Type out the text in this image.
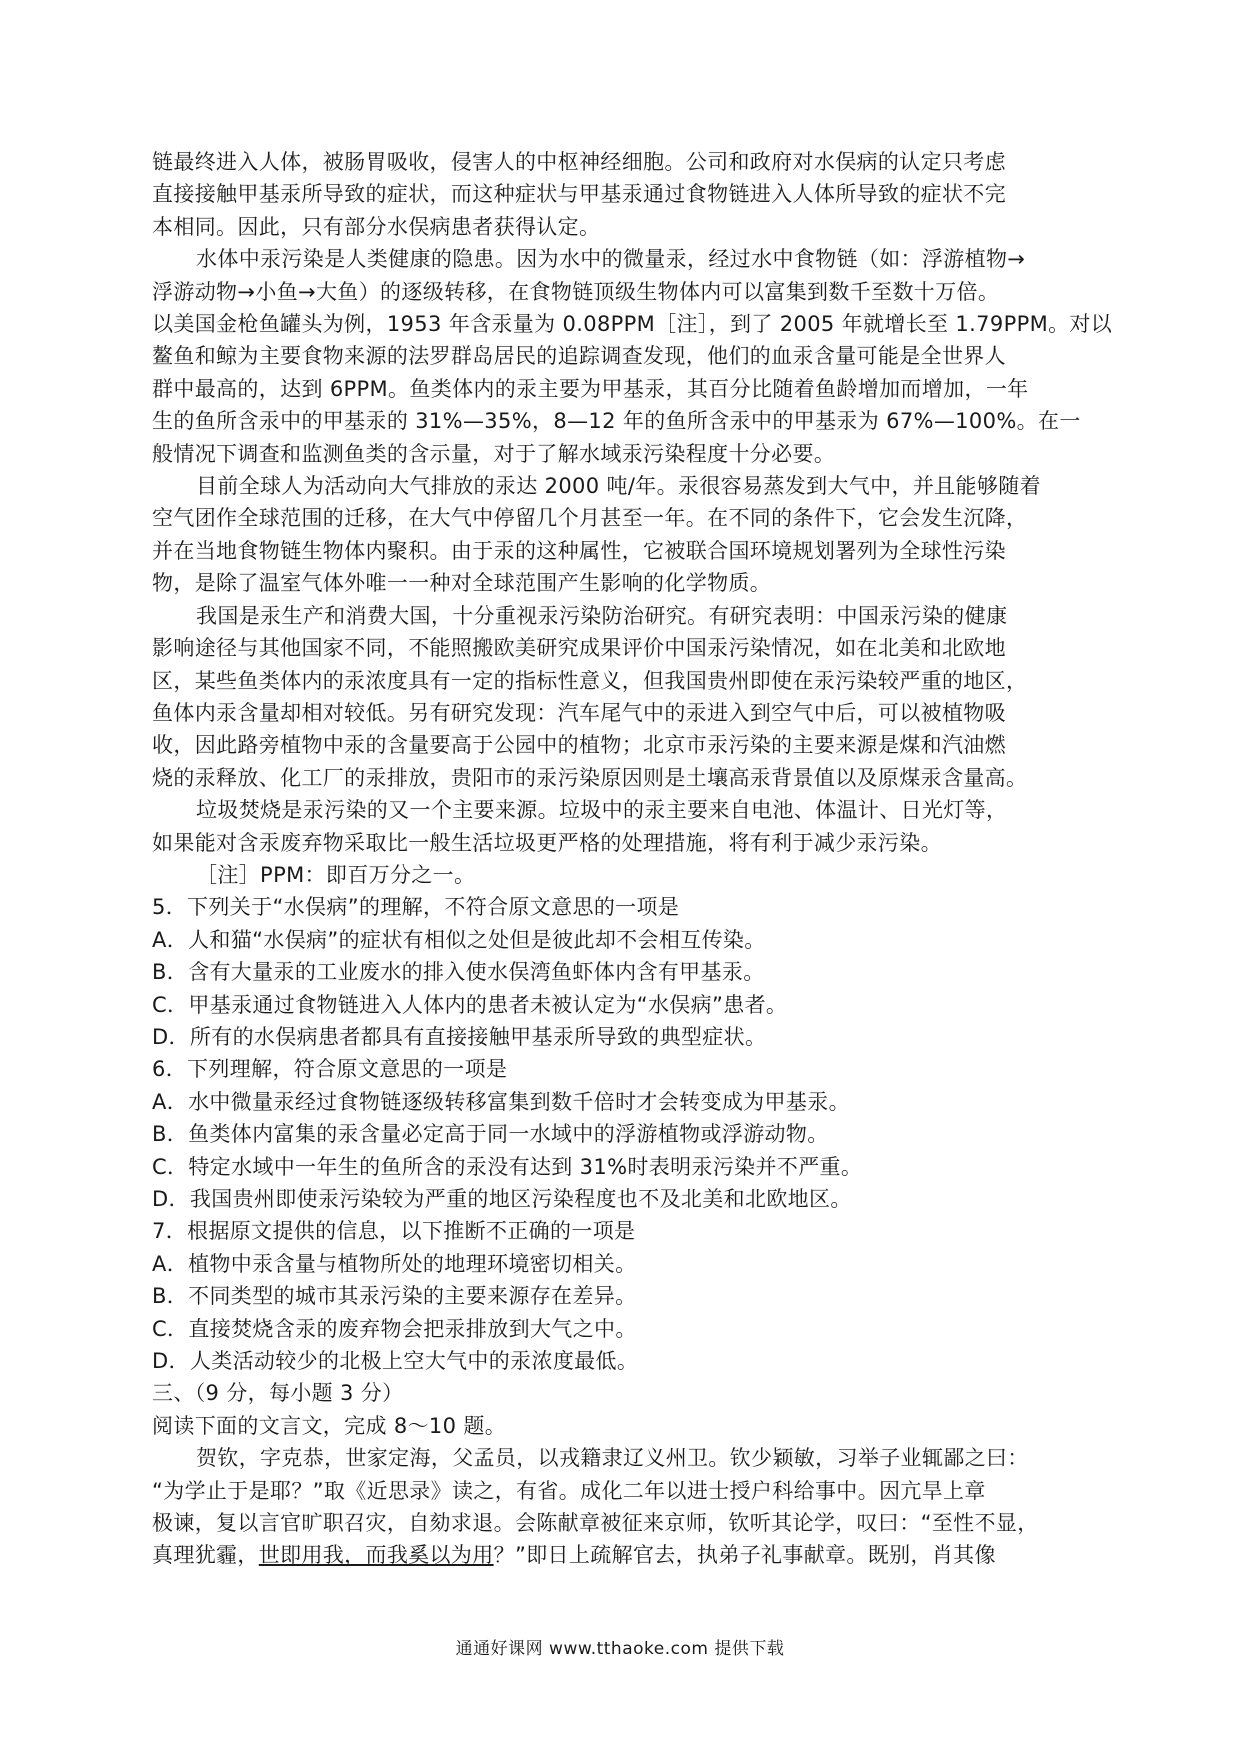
链最终进入人体，被肠胃吸收，侵害人的中枢神经细胞。公司和政府对水俣病的认定只考虑
直接接触甲基汞所导致的症状，而这种症状与甲基汞通过食物链进入人体所导致的症状不完
本相同。因此，只有部分水俣病患者获得认定。
水体中汞污染是人类健康的隐患。因为水中的微量汞，经过水中食物链（如：浮游植物→
浮游动物→小鱼→大鱼）的逐级转移，在食物链顶级生物体内可以富集到数千至数十万倍。
以美国金枪鱼罐头为例，1953 年含汞量为 0.08PPM［注］，到了 2005 年就增长至 1.79PPM。对以
鳌鱼和鲸为主要食物来源的法罗群岛居民的追踪调查发现，他们的血汞含量可能是全世界人
群中最高的，达到 6PPM。鱼类体内的汞主要为甲基汞，其百分比随着鱼龄增加而增加，一年
生的鱼所含汞中的甲基汞的 31%—35%，8—12 年的鱼所含汞中的甲基汞为 67%—100%。在一
般情况下调查和监测鱼类的含示量，对于了解水域汞污染程度十分必要。
目前全球人为活动向大气排放的汞达 2000 吨/年。汞很容易蒸发到大气中，并且能够随着
空气团作全球范围的迁移，在大气中停留几个月甚至一年。在不同的条件下，它会发生沉降，
并在当地食物链生物体内聚积。由于汞的这种属性，它被联合国环境规划署列为全球性污染
物，是除了温室气体外唯一一种对全球范围产生影响的化学物质。
我国是汞生产和消费大国，十分重视汞污染防治研究。有研究表明：中国汞污染的健康
影响途径与其他国家不同，不能照搬欧美研究成果评价中国汞污染情况，如在北美和北欧地
区，某些鱼类体内的汞浓度具有一定的指标性意义，但我国贵州即使在汞污染较严重的地区，
鱼体内汞含量却相对较低。另有研究发现：汽车尾气中的汞进入到空气中后，可以被植物吸
收，因此路旁植物中汞的含量要高于公园中的植物；北京市汞污染的主要来源是煤和汽油燃
烧的汞释放、化工厂的汞排放，贵阳市的汞污染原因则是土壤高汞背景值以及原煤汞含量高。
垃圾焚烧是汞污染的又一个主要来源。垃圾中的汞主要来自电池、体温计、日光灯等，
如果能对含汞废弃物采取比一般生活垃圾更严格的处理措施，将有利于减少汞污染。
［注］PPM：即百万分之一。
5．下列关于“水俣病”的理解，不符合原文意思的一项是
A．人和猫“水俣病”的症状有相似之处但是彼此却不会相互传染。
B．含有大量汞的工业废水的排入使水俣湾鱼虾体内含有甲基汞。
C．甲基汞通过食物链进入人体内的患者未被认定为“水俣病”患者。
D．所有的水俣病患者都具有直接接触甲基汞所导致的典型症状。
6．下列理解，符合原文意思的一项是
A．水中微量汞经过食物链逐级转移富集到数千倍时才会转变成为甲基汞。
B．鱼类体内富集的汞含量必定高于同一水域中的浮游植物或浮游动物。
C．特定水域中一年生的鱼所含的汞没有达到 31%时表明汞污染并不严重。
D．我国贵州即使汞污染较为严重的地区污染程度也不及北美和北欧地区。
7．根据原文提供的信息，以下推断不正确的一项是
A．植物中汞含量与植物所处的地理环境密切相关。
B．不同类型的城市其汞污染的主要来源存在差异。
C．直接焚烧含汞的废弃物会把汞排放到大气之中。
D．人类活动较少的北极上空大气中的汞浓度最低。
三、（9 分，每小题 3 分）
阅读下面的文言文，完成 8～10 题。
贺钦，字克恭，世家定海，父孟员，以戎籍隶辽义州卫。钦少颖敏，习举子业辄鄙之曰：
“为学止于是耶？”取《近思录》读之，有省。成化二年以进士授户科给事中。因亢旱上章
极谏，复以言官旷职召灾，自劾求退。会陈献章被征来京师，钦听其论学，叹曰：“至性不显，
真理犹霾，世即用我，而我奚以为用？”即日上疏解官去，执弟子礼事献章。既别，肖其像
通通好课网 www.tthaoke.com 提供下载
